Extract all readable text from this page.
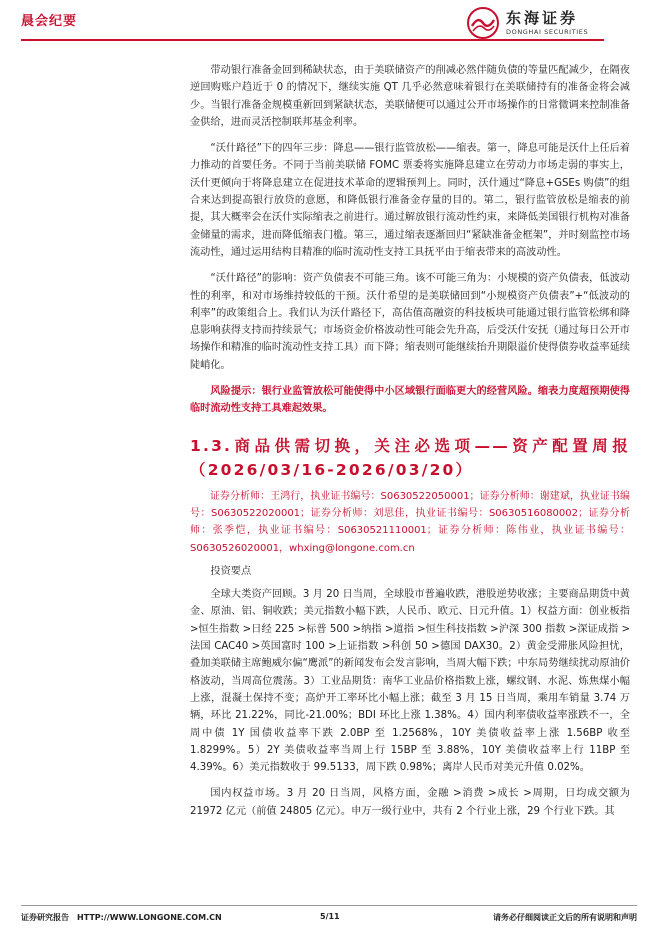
晨会纪要	东海证券
DONGHAI SECURITIES

带动银行准备金回到稀缺状态，由于美联储资产的削减必然伴随负债的等量匹配减少，在隔夜逆回购账户趋近于 0 的情况下，继续实施 QT 几乎必然意味着银行在美联储持有的准备金将会减少。当银行准备金规模重新回到紧缺状态，美联储便可以通过公开市场操作的日常微调来控制准备金供给，进而灵活控制联邦基金利率。

“沃什路径”下的四年三步：降息——银行监管放松——缩表。第一，降息可能是沃什上任后着力推动的首要任务。不同于当前美联储 FOMC 票委将实施降息建立在劳动力市场走弱的事实上，沃什更倾向于将降息建立在促进技术革命的逻辑预判上。同时，沃什通过“降息+GSEs 购债”的组合来达到提高银行放贷的意愿，和降低银行准备金存量的目的。第二，银行监管放松是缩表的前提，其大概率会在沃什实际缩表之前进行。通过解放银行流动性约束，来降低美国银行机构对准备金储量的需求，进而降低缩表门槛。第三，通过缩表逐渐回归“紧缺准备金框架”，并时刻监控市场流动性，通过运用结构目精准的临时流动性支持工具抚平由于缩表带来的高波动性。

“沃什路径”的影响：资产负债表不可能三角。该不可能三角为：小规模的资产负债表，低波动性的利率，和对市场维持较低的干预。沃什希望的是美联储回到“小规模资产负债表”+“低波动的利率”的政策组合上。我们认为沃什路径下，高估值高融资的科技板块可能通过银行监管松绑和降息影响获得支持而持续景气；市场资金价格波动性可能会先升高，后受沃什安抚（通过每日公开市场操作和精准的临时流动性支持工具）而下降；缩表则可能继续抬升期限溢价使得债券收益率延续陡峭化。

风险提示：银行业监管放松可能使得中小区域银行面临更大的经营风险。缩表力度超预期使得临时流动性支持工具难起效果。

1.3.商品供需切换，关注必选项——资产配置周报（2026/03/16-2026/03/20）

证券分析师：王鸿行，执业证书编号：S0630522050001；证券分析师：谢建斌，执业证书编号：S0630522020001；证券分析师：刘思佳，执业证书编号：S0630516080002；证券分析师：张季恺，执业证书编号：S0630521110001；证券分析师：陈伟业，执业证书编号：S0630526020001，whxing@longone.com.cn

投资要点

全球大类资产回顾。3 月 20 日当周，全球股市普遍收跌，港股逆势收涨；主要商品期货中黄金、原油、铝、铜收跌；美元指数小幅下跌，人民币、欧元、日元升值。1）权益方面：创业板指 >恒生指数 >日经 225 >标普 500 >纳指 >道指 >恒生科技指数 >沪深 300 指数 >深证成指 >法国 CAC40 >英国富时 100 >上证指数 >科创 50 >德国 DAX30。2）黄金受滞胀风险担忧，叠加美联储主席鲍威尔偏“鹰派”的新闻发布会发言影响，当周大幅下跌；中东局势继续扰动原油价格波动，当周高位震荡。3）工业品期货：南华工业品价格指数上涨，螺纹钢、水泥、炼焦煤小幅上涨，混凝土保持不变；高炉开工率环比小幅上涨；截至 3 月 15 日当周，乘用车销量 3.74 万辆，环比 21.22%，同比-21.00%；BDI 环比上涨 1.38%。4）国内利率债收益率涨跌不一，全周中债 1Y 国债收益率下跌 2.0BP 至 1.2568%，10Y 美债收益率上涨 1.56BP 收至 1.8299%。5）2Y 美债收益率当周上行 15BP 至 3.88%，10Y 美债收益率上行 11BP 至 4.39%。6）美元指数收于 99.5133，周下跌 0.98%；离岸人民币对美元升值 0.02%。

国内权益市场。3 月 20 日当周，风格方面，金融 >消费 >成长 >周期，日均成交额为 21972 亿元（前值 24805 亿元）。申万一级行业中，共有 2 个行业上涨，29 个行业下跌。其

证券研究报告　HTTP://WWW.LONGONE.COM.CN	5/11	请务必仔细阅读正文后的所有说明和声明
